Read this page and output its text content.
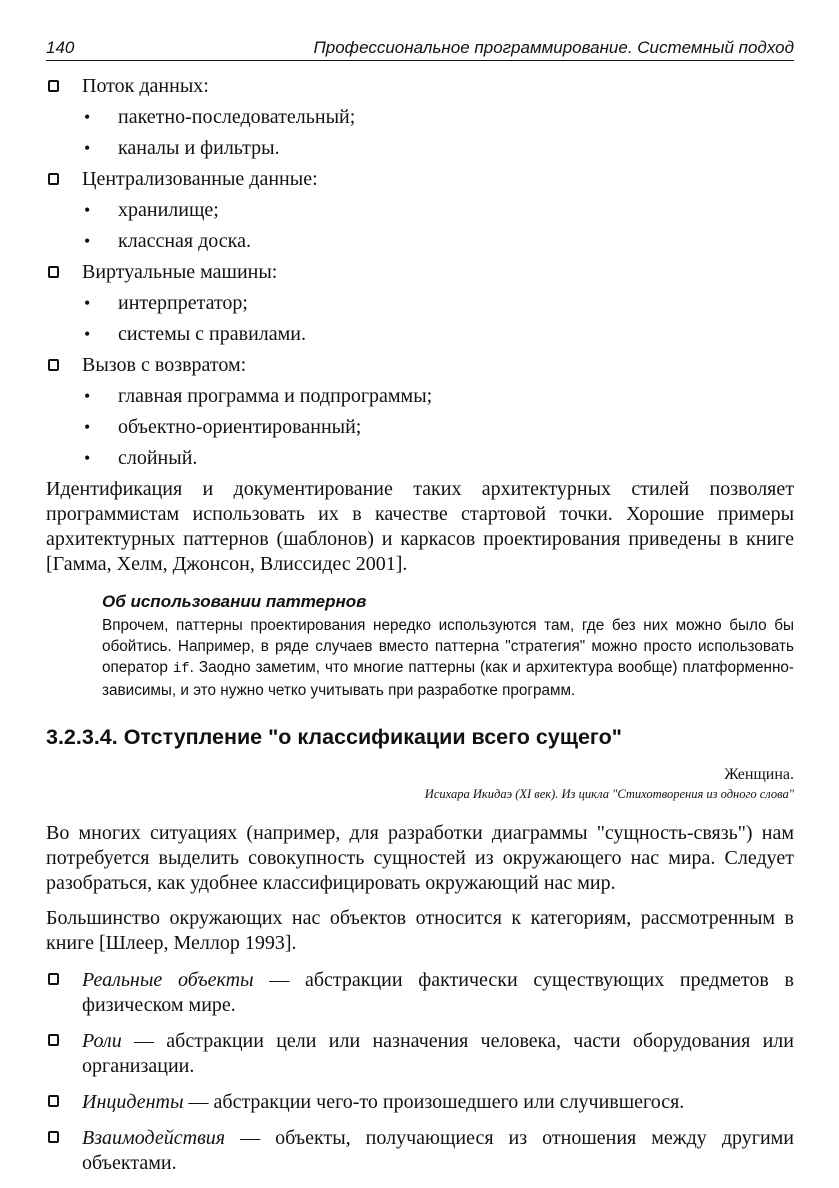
140	Профессиональное программирование. Системный подход
Поток данных:
• пакетно-последовательный;
• каналы и фильтры.
Централизованные данные:
• хранилище;
• классная доска.
Виртуальные машины:
• интерпретатор;
• системы с правилами.
Вызов с возвратом:
• главная программа и подпрограммы;
• объектно-ориентированный;
• слойный.
Идентификация и документирование таких архитектурных стилей позволяет программистам использовать их в качестве стартовой точки. Хорошие примеры архитектурных паттернов (шаблонов) и каркасов проектирования приведены в книге [Гамма, Хелм, Джонсон, Влиссидес 2001].
Об использовании паттернов
Впрочем, паттерны проектирования нередко используются там, где без них можно было бы обойтись. Например, в ряде случаев вместо паттерна "стратегия" можно просто использовать оператор if. Заодно заметим, что многие паттерны (как и архитектура вообще) платформенно-зависимы, и это нужно четко учитывать при разработке программ.
3.2.3.4. Отступление "о классификации всего сущего"
Женщина.
Исихара Икидаэ (XI век). Из цикла "Стихотворения из одного слова"
Во многих ситуациях (например, для разработки диаграммы "сущность-связь") нам потребуется выделить совокупность сущностей из окружающего нас мира. Следует разобраться, как удобнее классифицировать окружающий нас мир.
Большинство окружающих нас объектов относится к категориям, рассмотренным в книге [Шлеер, Меллор 1993].
Реальные объекты — абстракции фактически существующих предметов в физическом мире.
Роли — абстракции цели или назначения человека, части оборудования или организации.
Инциденты — абстракции чего-то произошедшего или случившегося.
Взаимодействия — объекты, получающиеся из отношения между другими объектами.
